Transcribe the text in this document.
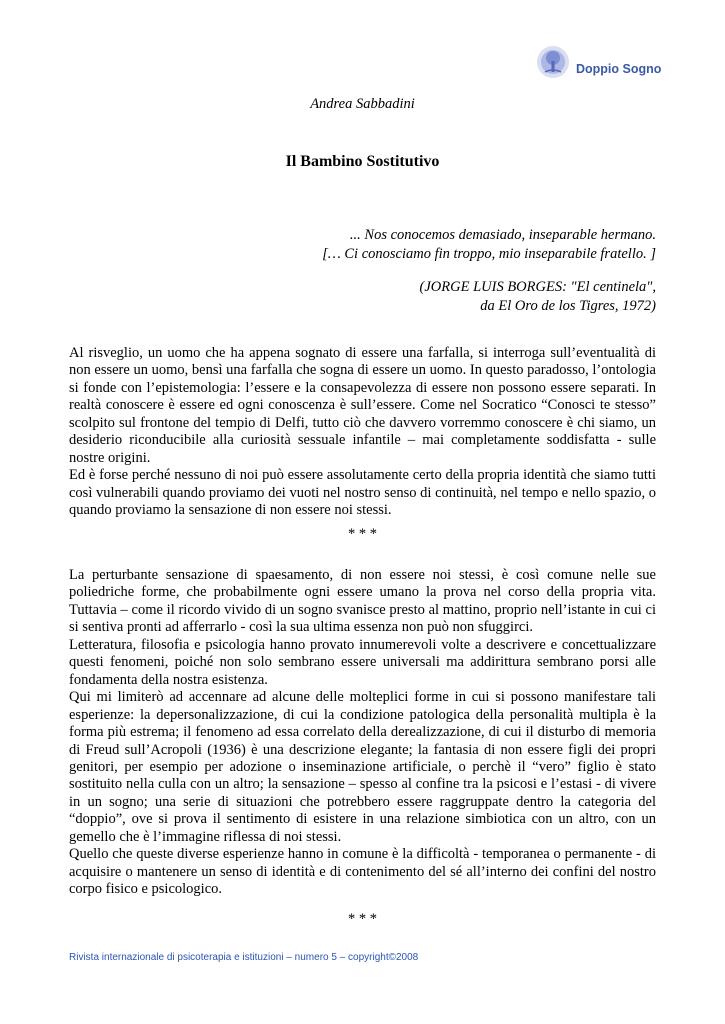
Doppio Sogno
Andrea Sabbadini
Il Bambino Sostitutivo
... Nos conocemos demasiado, inseparable hermano.
[… Ci conosciamo fin troppo, mio inseparabile fratello. ]
(JORGE LUIS BORGES: "El centinela",
da El Oro de los Tigres, 1972)

Al risveglio, un uomo che ha appena sognato di essere una farfalla, si interroga sull’eventualità di non essere un uomo, bensì una farfalla che sogna di essere un uomo. In questo paradosso, l’ontologia si fonde con l’epistemologia: l’essere e la consapevolezza di essere non possono essere separati. In realtà conoscere è essere ed ogni conoscenza è sull’essere. Come nel Socratico “Conosci te stesso” scolpito sul frontone del tempio di Delfi, tutto ciò che davvero vorremmo conoscere è chi siamo, un desiderio riconducibile alla curiosità sessuale infantile – mai completamente soddisfatta - sulle nostre origini.

Ed è forse perché nessuno di noi può essere assolutamente certo della propria identità che siamo tutti così vulnerabili quando proviamo dei vuoti nel nostro senso di continuità, nel tempo e nello spazio, o quando proviamo la sensazione di non essere noi stessi.

* * *

La perturbante sensazione di spaesamento, di non essere noi stessi, è così comune nelle sue poliedriche forme, che probabilmente ogni essere umano la prova nel corso della propria vita. Tuttavia – come il ricordo vivido di un sogno svanisce presto al mattino, proprio nell’istante in cui ci si sentiva pronti ad afferrarlo - così la sua ultima essenza non può non sfuggirci.

Letteratura, filosofia e psicologia hanno provato innumerevoli volte a descrivere e concettualizzare questi fenomeni, poiché non solo sembrano essere universali ma addirittura sembrano porsi alle fondamenta della nostra esistenza.

Qui mi limiterò ad accennare ad alcune delle molteplici forme in cui si possono manifestare tali esperienze: la depersonalizzazione, di cui la condizione patologica della personalità multipla è la forma più estrema; il fenomeno ad essa correlato della derealizzazione, di cui il disturbo di memoria di Freud sull’Acropoli (1936) è una descrizione elegante; la fantasia di non essere figli dei propri genitori, per esempio per adozione o inseminazione artificiale, o perchè il “vero” figlio è stato sostituito nella culla con un altro; la sensazione – spesso al confine tra la psicosi e l’estasi - di vivere in un sogno; una serie di situazioni che potrebbero essere raggruppate dentro la categoria del “doppio”, ove si prova il sentimento di esistere in una relazione simbiotica con un altro, con un gemello che è l’immagine riflessa di noi stessi.

Quello che queste diverse esperienze hanno in comune è la difficoltà - temporanea o permanente - di acquisire o mantenere un senso di identità e di contenimento del sé all’interno dei confini del nostro corpo fisico e psicologico.

* * *
Rivista internazionale di psicoterapia e istituzioni – numero 5 – copyright©2008
